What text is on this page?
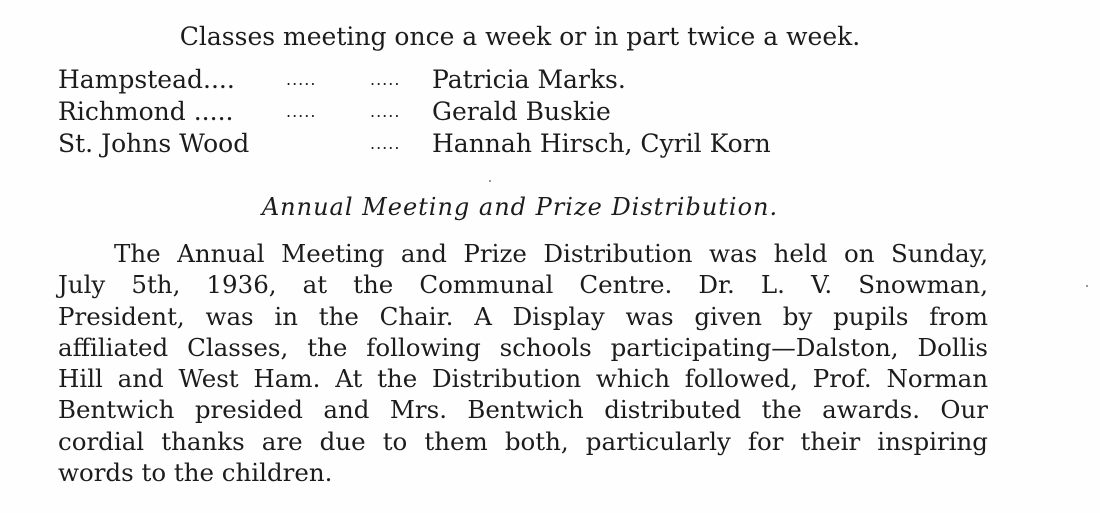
Classes meeting once a week or in part twice a week.
Hampstead....	.....	..... Patricia Marks.
Richmond .....	.....	..... Gerald Buskie
St. Johns Wood	..... Hannah Hirsch, Cyril Korn
Annual Meeting and Prize Distribution.
The Annual Meeting and Prize Distribution was held on Sunday,
July 5th, 1936, at the Communal Centre. Dr. L. V. Snowman,
President, was in the Chair. A Display was given by pupils from
affiliated Classes, the following schools participating—Dalston, Dollis
Hill and West Ham. At the Distribution which followed, Prof. Norman
Bentwich presided and Mrs. Bentwich distributed the awards. Our
cordial thanks are due to them both, particularly for their inspiring
words to the children.
